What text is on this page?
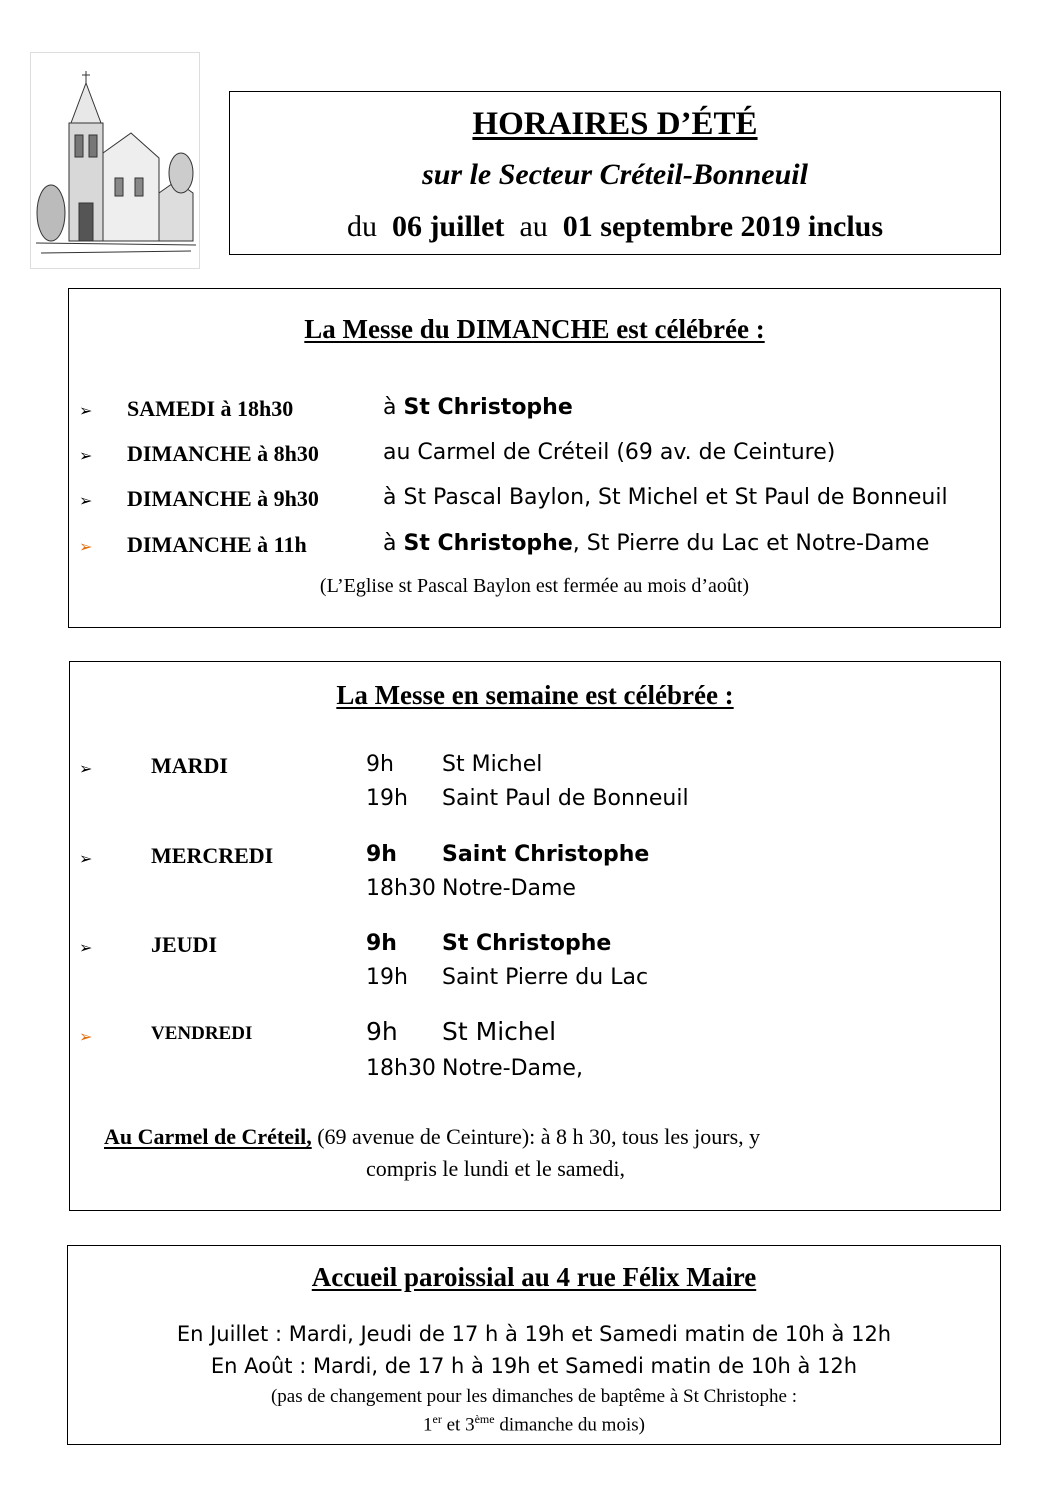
HORAIRES D’ÉTÉ
sur le Secteur Créteil-Bonneuil
du 06 juillet au 01 septembre 2019 inclus
La Messe du DIMANCHE est célébrée :
➢ SAMEDI à 18h30	à St Christophe
➢ DIMANCHE à 8h30	au Carmel de Créteil (69 av. de Ceinture)
➢ DIMANCHE à 9h30	à St Pascal Baylon, St Michel et St Paul de Bonneuil
➢ DIMANCHE à 11h	à St Christophe, St Pierre du Lac et Notre-Dame
(L’Eglise st Pascal Baylon est fermée au mois d’août)
La Messe en semaine est célébrée :
➢	MARDI	9h St Michel
19h Saint Paul de Bonneuil
➢	MERCREDI	9h Saint Christophe
18h30 Notre-Dame
➢	JEUDI	9h St Christophe
19h Saint Pierre du Lac
➢	VENDREDI	9h St Michel
18h30 Notre-Dame,
Au Carmel de Créteil, (69 avenue de Ceinture): à 8 h 30, tous les jours, y
compris le lundi et le samedi,
Accueil paroissial au 4 rue Félix Maire
En Juillet : Mardi, Jeudi de 17 h à 19h et Samedi matin de 10h à 12h
En Août : Mardi, de 17 h à 19h et Samedi matin de 10h à 12h
(pas de changement pour les dimanches de baptême à St Christophe :
1er et 3ème dimanche du mois)
